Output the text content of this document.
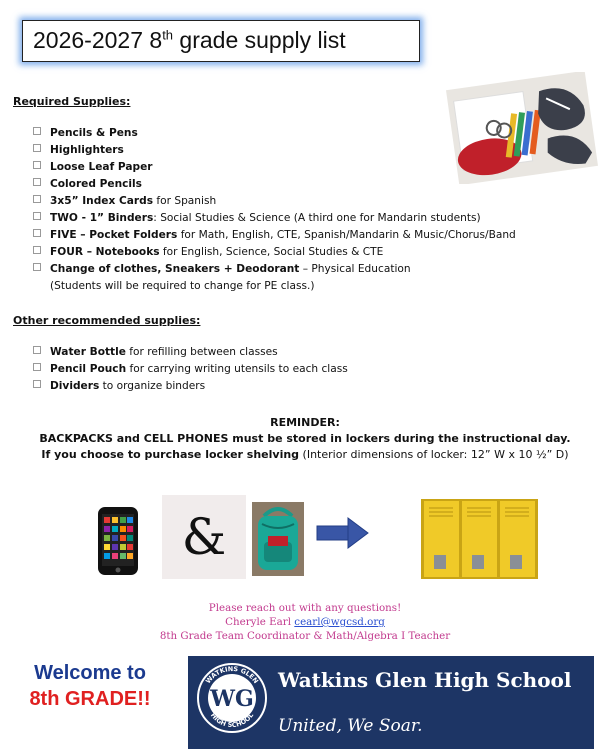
2026-2027 8th grade supply list
Required Supplies:
Pencils & Pens
Highlighters
Loose Leaf Paper
Colored Pencils
3x5” Index Cards for Spanish
TWO - 1” Binders: Social Studies & Science (A third one for Mandarin students)
FIVE – Pocket Folders for Math, English, CTE, Spanish/Mandarin & Music/Chorus/Band
FOUR – Notebooks for English, Science, Social Studies & CTE
Change of clothes, Sneakers + Deodorant – Physical Education
(Students will be required to change for PE class.)
Other recommended supplies:
Water Bottle for refilling between classes
Pencil Pouch for carrying writing utensils to each class
Dividers to organize binders
REMINDER:
BACKPACKS and CELL PHONES must be stored in lockers during the instructional day.
If you choose to purchase locker shelving (Interior dimensions of locker: 12” W x 10 ½” D)
&
Please reach out with any questions!
Cheryle Earl cearl@wgcsd.org
8th Grade Team Coordinator & Math/Algebra I Teacher
Welcome to
8th GRADE!!
WATKINS GLEN
HIGH SCHOOL
WG
Watkins Glen High School
United, We Soar.
